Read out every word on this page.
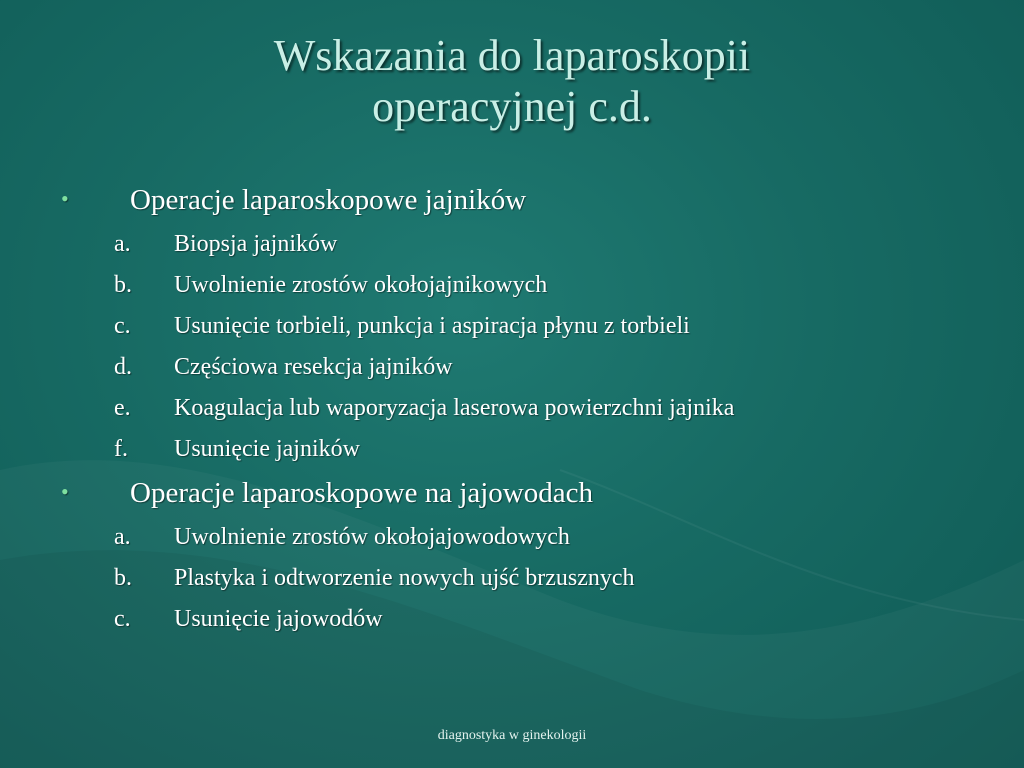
Wskazania do laparoskopii
operacyjnej c.d.
• Operacje laparoskopowe jajników
a. Biopsja jajników
b. Uwolnienie zrostów okołojajnikowych
c. Usunięcie torbieli, punkcja i aspiracja płynu z torbieli
d. Częściowa resekcja jajników
e. Koagulacja lub waporyzacja laserowa powierzchni jajnika
f. Usunięcie jajników
• Operacje laparoskopowe na jajowodach
a. Uwolnienie zrostów okołojajowodowych
b. Plastyka i odtworzenie nowych ujść brzusznych
c. Usunięcie jajowodów
diagnostyka w ginekologii
